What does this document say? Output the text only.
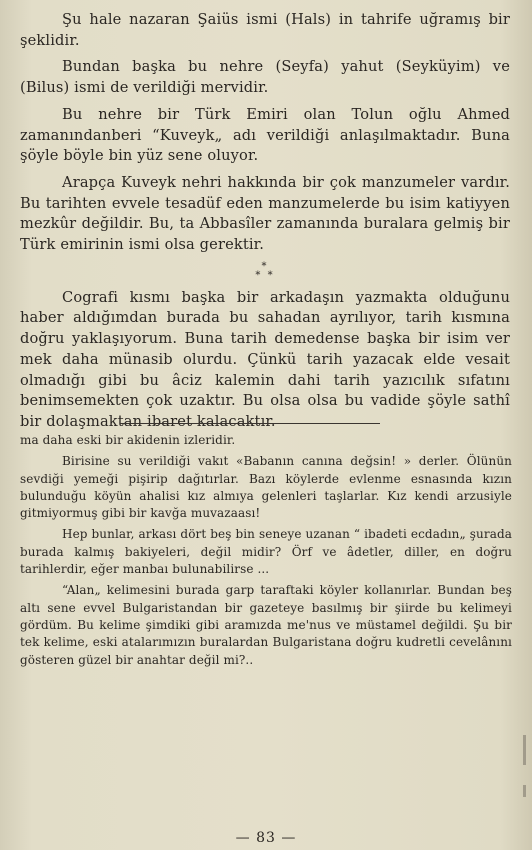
Şu hale nazaran Şaiüs ismi (Hals) in tahrife uğramış bir şeklidir.

Bundan başka bu nehre (Seyfa) yahut (Seyküyim) ve (Bilus) ismi de verildiği mervidir.

Bu nehre bir Türk Emiri olan Tolun oğlu Ahmed zamanındanberi “Kuveyk„ adı verildiği anlaşılmaktadır. Buna şöyle böyle bin yüz sene oluyor.

Arapça Kuveyk nehri hakkında bir çok manzumeler vardır. Bu tarihten evvele tesadüf eden manzumelerde bu isim katiyyen mezkûr değildir. Bu, ta Abbasîler zamanında buralara gelmiş bir Türk emirinin ismi olsa gerektir.

*
* *

Cografi kısmı başka bir arkadaşın yazmakta olduğunu haber aldığımdan burada bu sahadan ayrılıyor, tarih kısmına doğru yaklaşıyorum. Buna tarih demedense başka bir isim ver mek daha münasib olurdu. Çünkü tarih yazacak elde vesait olmadığı gibi bu âciz kalemin dahi tarih yazıcılık sıfatını benimsemekten çok uzaktır. Bu olsa olsa bu vadide şöyle sathî bir dolaşmaktan ibaret kalacaktır.

ma daha eski bir akidenin izleridir.

Birisine su verildiği vakıt «Babanın canına değsin! » derler. Ölünün sevdiği yemeği pişirip dağıtırlar. Bazı köylerde evlenme esnasında kızın bulunduğu köyün ahalisi kız almıya gelenleri taşlarlar. Kız kendi arzusiyle gitmiyormuş gibi bir kavğa muvazaası!

Hep bunlar, arkası dört beş bin seneye uzanan “ ibadeti ecdadın„ şurada burada kalmış bakiyeleri, değil midir? Örf ve âdetler, diller, en doğru tarihlerdir, eğer manbaı bulunabilirse ...

“Alan„ kelimesini burada garp taraftaki köyler kollanırlar. Bundan beş altı sene evvel Bulgaristandan bir gazeteye basılmış bir şiirde bu kelimeyi gördüm. Bu kelime şimdiki gibi aramızda me'nus ve müstamel değildi. Şu bir tek kelime, eski atalarımızın buralardan Bulgaristana doğru kudretli cevelânını gösteren güzel bir anahtar değil mi?..

— 83 —
